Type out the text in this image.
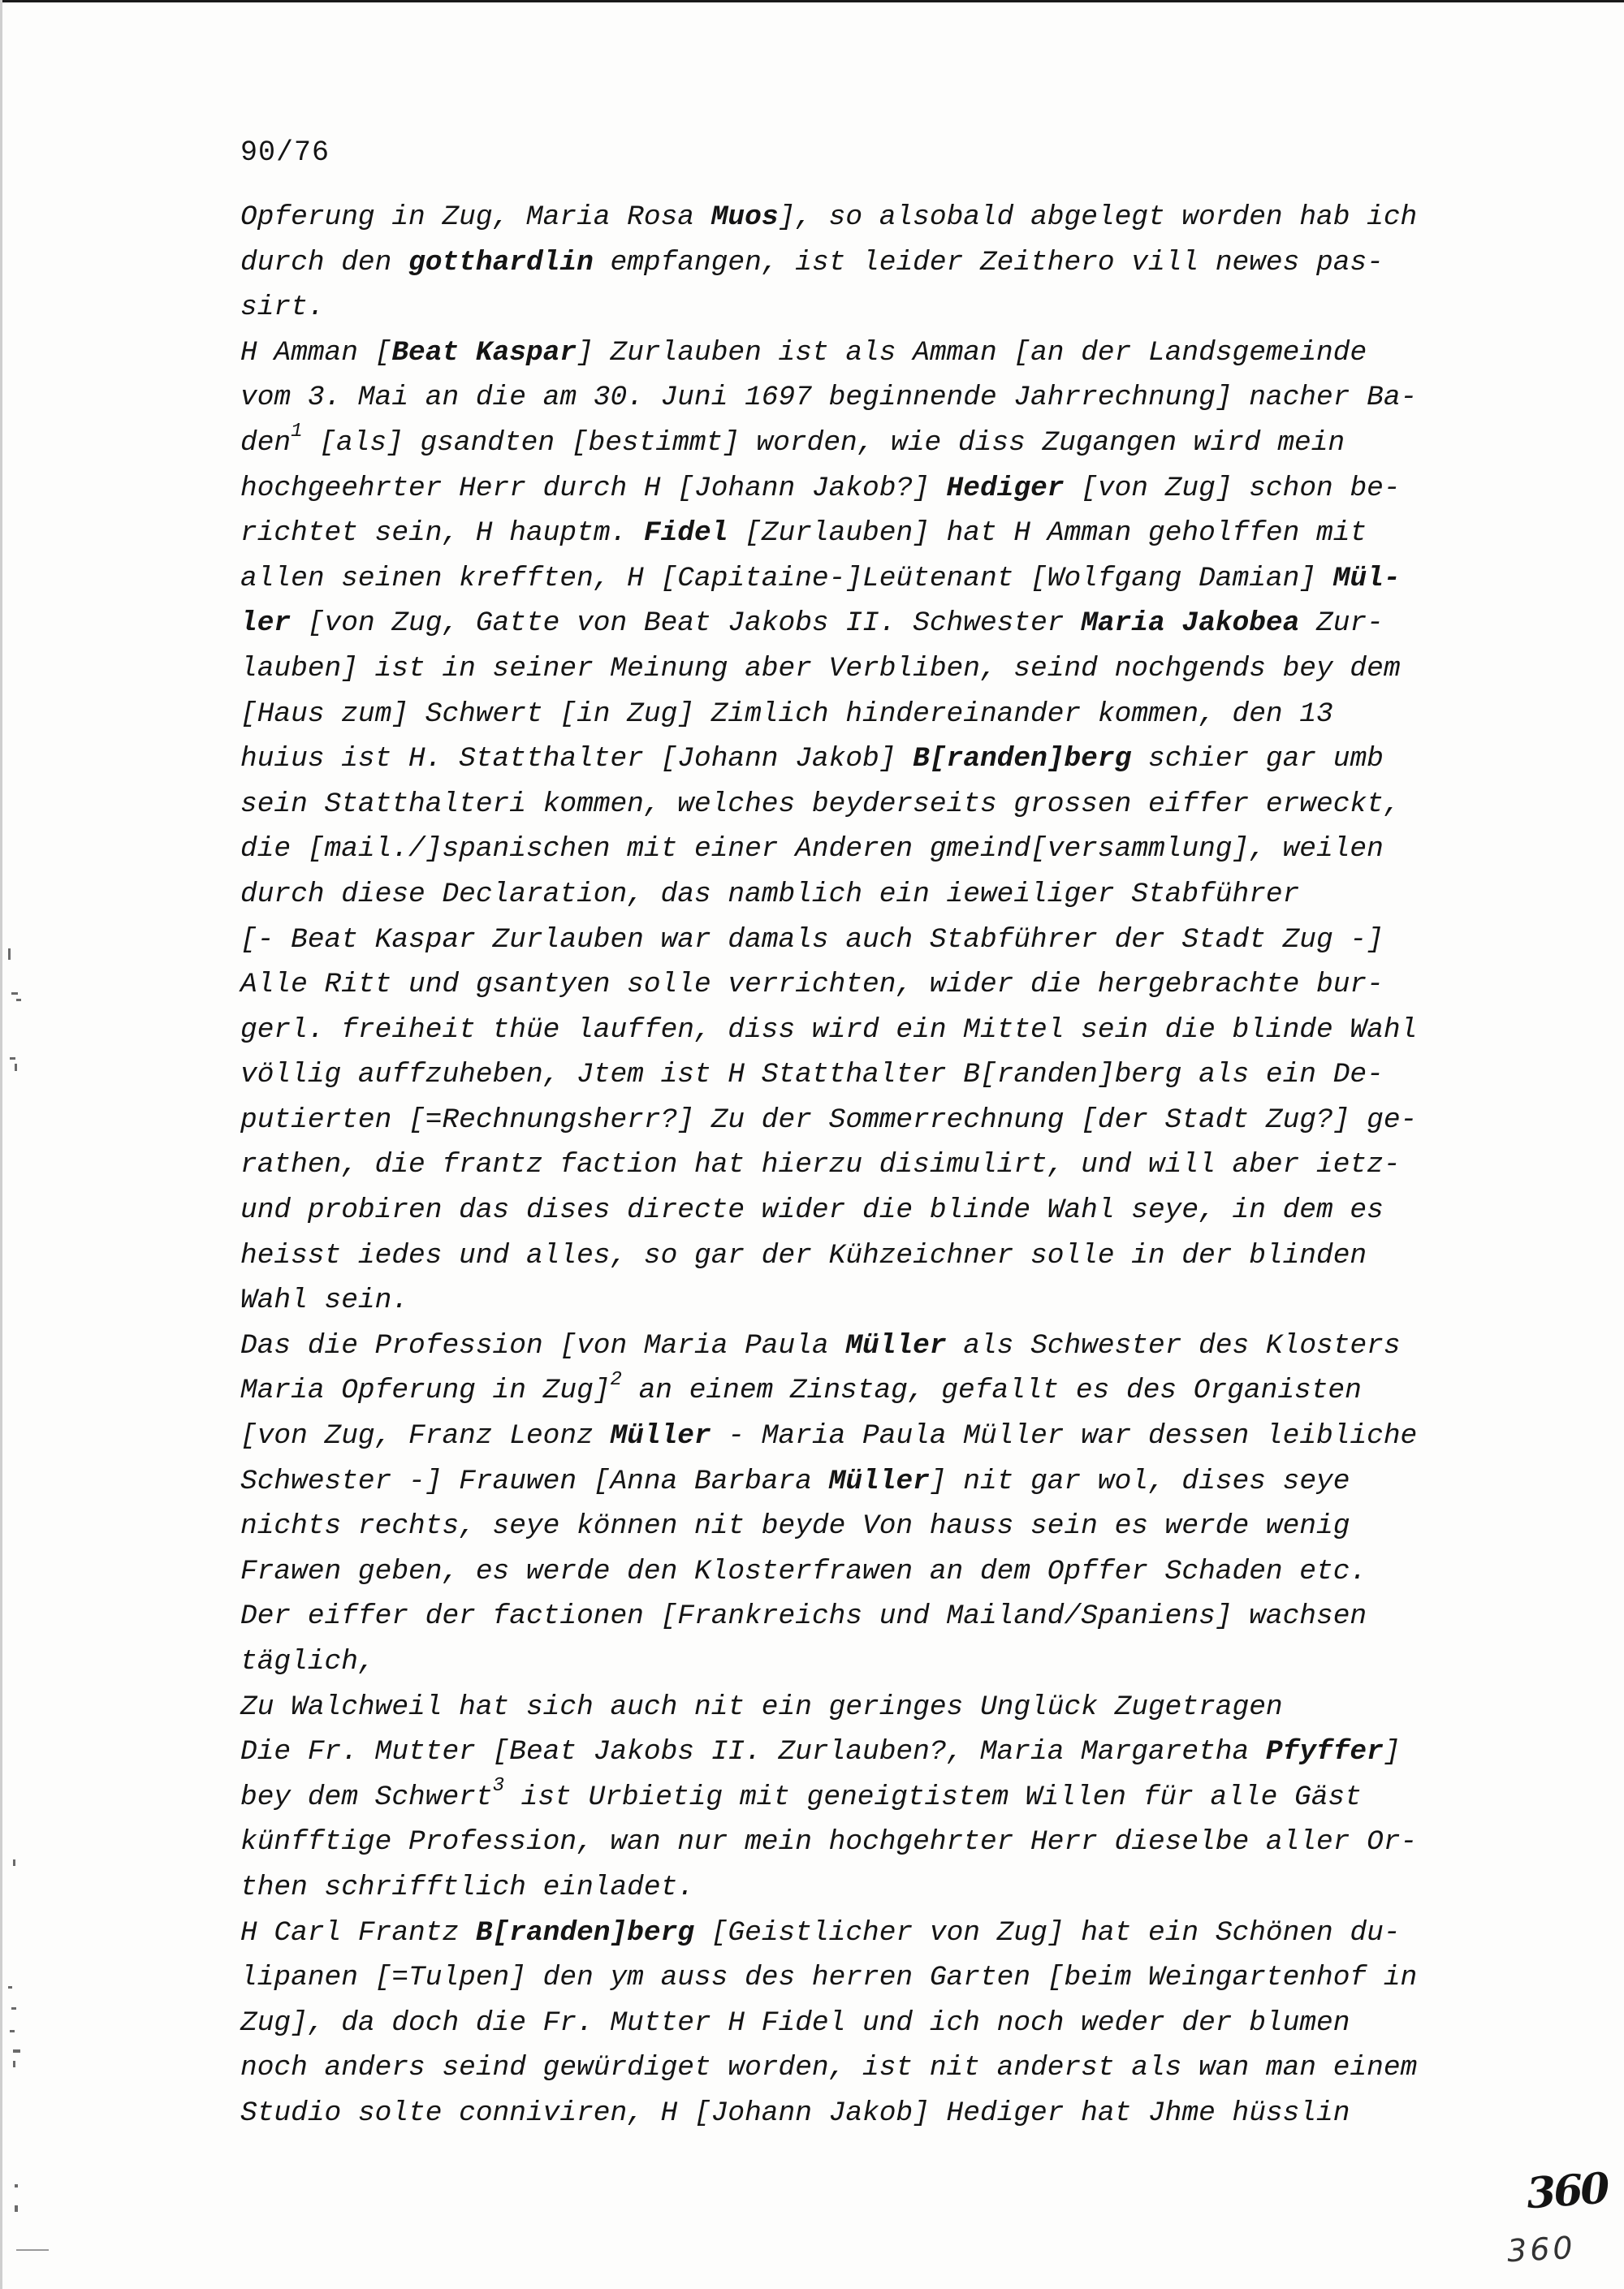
90/76
Opferung in Zug, Maria Rosa Muos], so alsobald abgelegt worden hab ich
durch den gotthardlin empfangen, ist leider Zeithero vill newes pas-
sirt.
H Amman [Beat Kaspar] Zurlauben ist als Amman [an der Landsgemeinde
vom 3. Mai an die am 30. Juni 1697 beginnende Jahrrechnung] nacher Ba-
den$^1$ [als] gsandten [bestimmt] worden, wie diss Zugangen wird mein
hochgeehrter Herr durch H [Johann Jakob?] Hediger [von Zug] schon be-
richtet sein, H hauptm. Fidel [Zurlauben] hat H Amman geholffen mit
allen seinen krefften, H [Capitaine-]Leütenant [Wolfgang Damian] Mül-
ler [von Zug, Gatte von Beat Jakobs II. Schwester Maria Jakobea Zur-
lauben] ist in seiner Meinung aber Verbliben, seind nochgends bey dem
[Haus zum] Schwert [in Zug] Zimlich hindereinander kommen, den 13
huius ist H. Statthalter [Johann Jakob] B[randen]berg schier gar umb
sein Statthalteri kommen, welches beyderseits grossen eiffer erweckt,
die [mail./]spanischen mit einer Anderen gmeind[versammlung], weilen
durch diese Declaration, das namblich ein ieweiliger Stabführer
[- Beat Kaspar Zurlauben war damals auch Stabführer der Stadt Zug -]
Alle Ritt und gsantyen solle verrichten, wider die hergebrachte bur-
gerl. freiheit thüe lauffen, diss wird ein Mittel sein die blinde Wahl
völlig auffzuheben, Jtem ist H Statthalter B[randen]berg als ein De-
putierten [=Rechnungsherr?] Zu der Sommerrechnung [der Stadt Zug?] ge-
rathen, die frantz faction hat hierzu disimulirt, und will aber ietz-
und probiren das dises directe wider die blinde Wahl seye, in dem es
heisst iedes und alles, so gar der Kühzeichner solle in der blinden
Wahl sein.
Das die Profession [von Maria Paula Müller als Schwester des Klosters
Maria Opferung in Zug]$^2$ an einem Zinstag, gefallt es des Organisten
[von Zug, Franz Leonz Müller - Maria Paula Müller war dessen leibliche
Schwester -] Frauwen [Anna Barbara Müller] nit gar wol, dises seye
nichts rechts, seye können nit beyde Von hauss sein es werde wenig
Frawen geben, es werde den Klosterfrawen an dem Opffer Schaden etc.
Der eiffer der factionen [Frankreichs und Mailand/Spaniens] wachsen
täglich,
Zu Walchweil hat sich auch nit ein geringes Unglück Zugetragen
Die Fr. Mutter [Beat Jakobs II. Zurlauben?, Maria Margaretha Pfyffer]
bey dem Schwert$^3$ ist Urbietig mit geneigtistem Willen für alle Gäst
künfftige Profession, wan nur mein hochgehrter Herr dieselbe aller Or-
then schrifftlich einladet.
H Carl Frantz B[randen]berg [Geistlicher von Zug] hat ein Schönen du-
lipanen [=Tulpen] den ym auss des herren Garten [beim Weingartenhof in
Zug], da doch die Fr. Mutter H Fidel und ich noch weder der blumen
noch anders seind gewürdiget worden, ist nit anderst als wan man einem
Studio solte conniviren, H [Johann Jakob] Hediger hat Jhme hüsslin
360
360
